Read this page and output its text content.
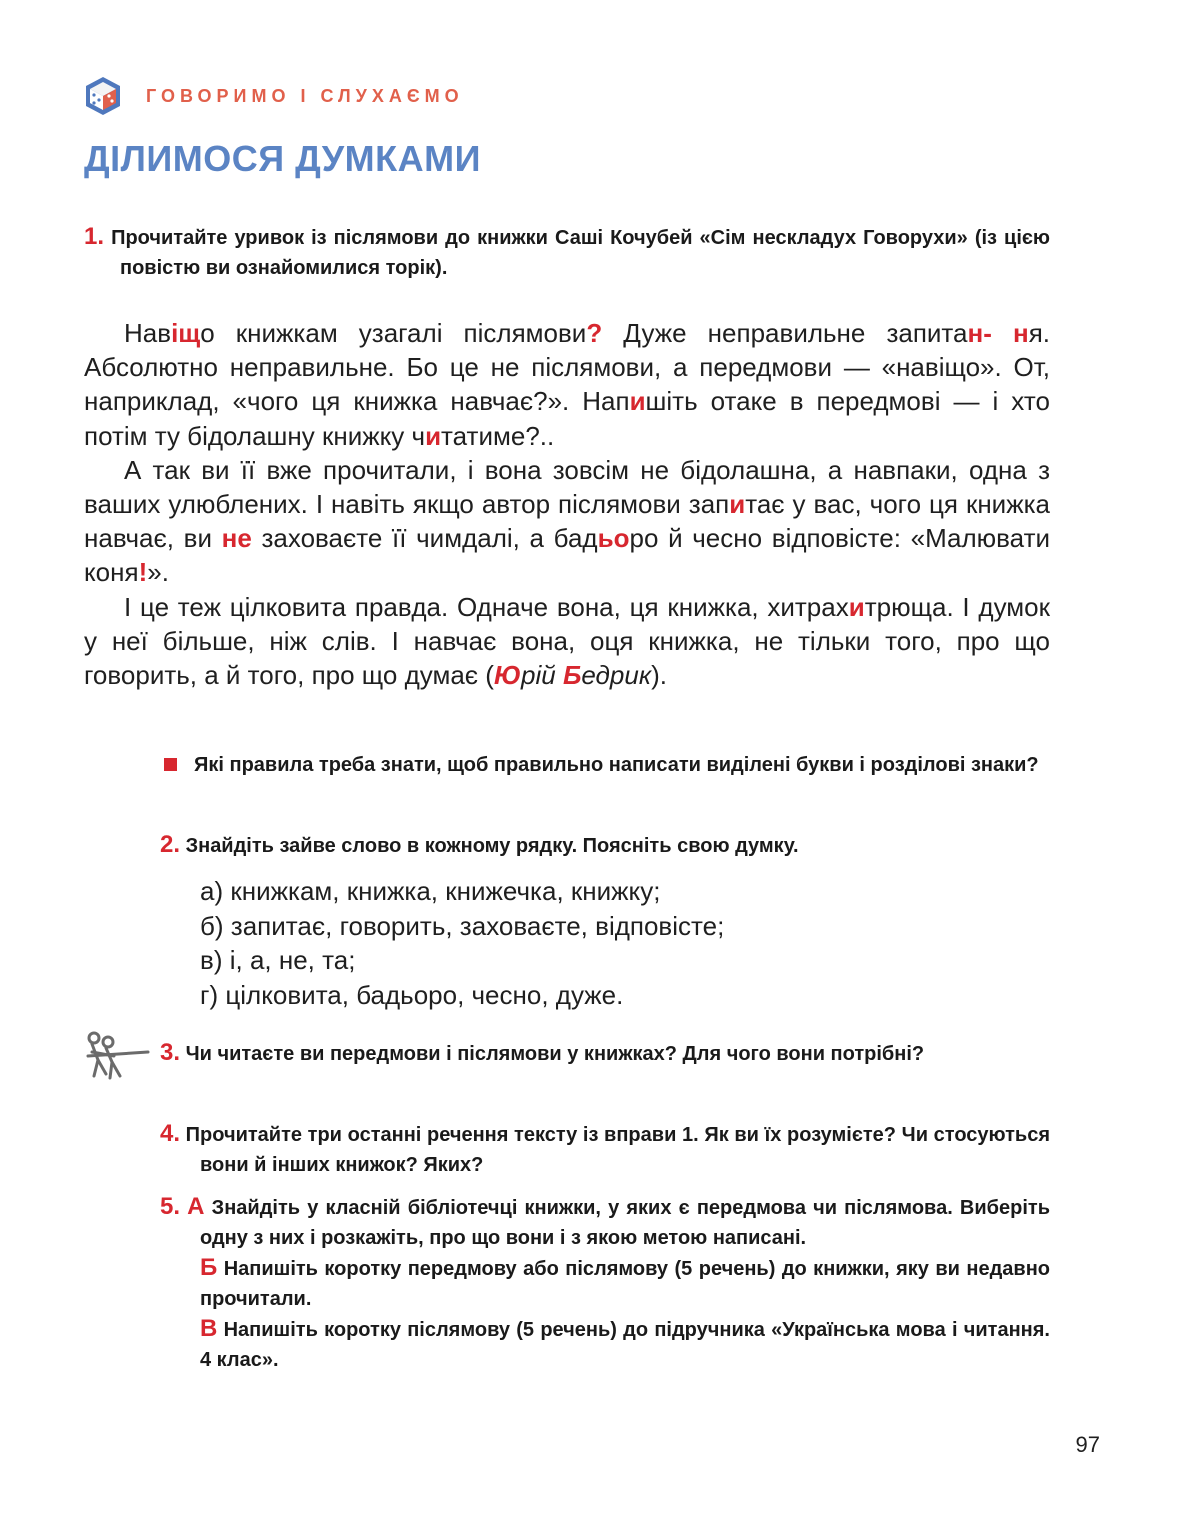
ГОВОРИМО І СЛУХАЄМО
ДІЛИМОСЯ ДУМКАМИ
1. Прочитайте уривок із післямови до книжки Саші Кочубей «Сім нескладух Говорухи» (із цією повістю ви ознайомилися торік).

Навіщо книжкам узагалі післямови? Дуже неправильне запитан- ня. Абсолютно неправильне. Бо це не післямови, а передмови — «навіщо». От, наприклад, «чого ця книжка навчає?». Напишіть отаке в передмові — і хто потім ту бідолашну книжку читатиме?..

А так ви її вже прочитали, і вона зовсім не бідолашна, а навпаки, одна з ваших улюблених. І навіть якщо автор післямови запитає у вас, чого ця книжка навчає, ви не заховаєте її чимдалі, а бадьоро й чесно відповісте: «Малювати коня!».

І це теж цілковита правда. Одначе вона, ця книжка, хитрахитрюща. І думок у неї більше, ніж слів. І навчає вона, оця книжка, не тільки того, про що говорить, а й того, про що думає (Юрій Бедрик).

Які правила треба знати, щоб правильно написати виділені букви і розділові знаки?
2. Знайдіть зайве слово в кожному рядку. Поясніть свою думку.
а) книжкам, книжка, книжечка, книжку;
б) запитає, говорить, заховаєте, відповісте;
в) і, а, не, та;
г) цілковита, бадьоро, чесно, дуже.
3. Чи читаєте ви передмови і післямови у книжках? Для чого вони потрібні?
4. Прочитайте три останні речення тексту із вправи 1. Як ви їх розумієте? Чи стосуються вони й інших книжок? Яких?
5. А Знайдіть у класній бібліотечці книжки, у яких є передмова чи післямова. Виберіть одну з них і розкажіть, про що вони і з якою метою написані.
Б Напишіть коротку передмову або післямову (5 речень) до книжки, яку ви недавно прочитали.
В Напишіть коротку післямову (5 речень) до підручника «Українська мова і читання. 4 клас».
97
